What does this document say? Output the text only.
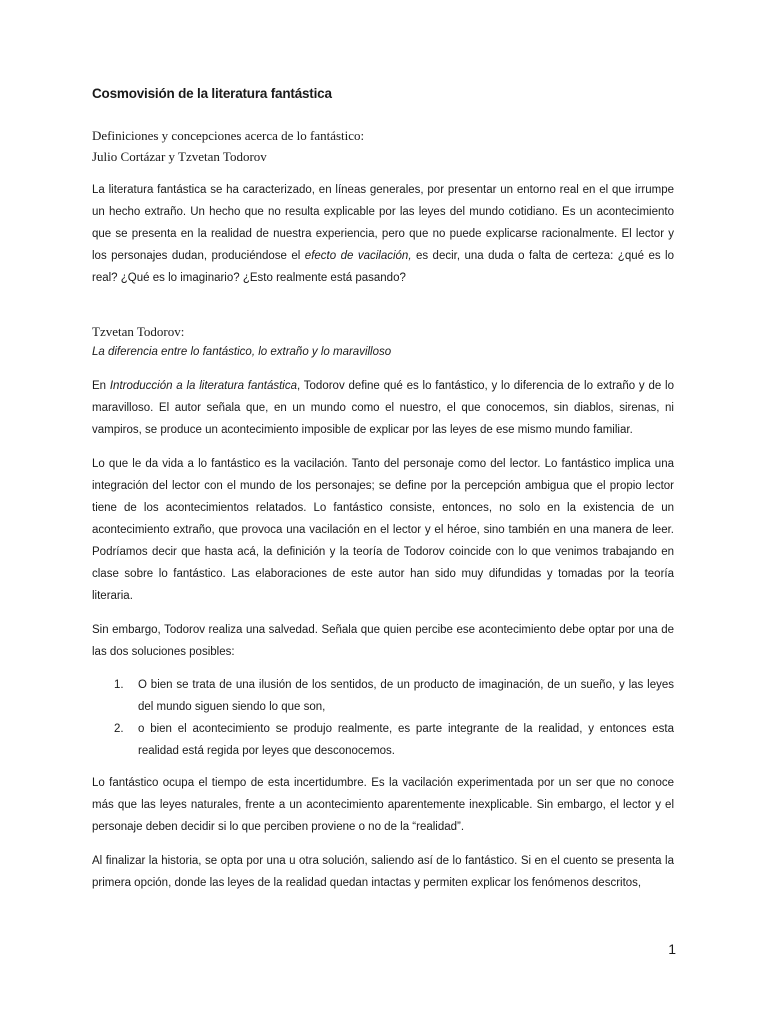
Cosmovisión de la literatura fantástica
Definiciones y concepciones acerca de lo fantástico:
Julio Cortázar y Tzvetan Todorov

La literatura fantástica se ha caracterizado, en líneas generales, por presentar un entorno real en el que irrumpe un hecho extraño. Un hecho que no resulta explicable por las leyes del mundo cotidiano. Es un acontecimiento que se presenta en la realidad de nuestra experiencia, pero que no puede explicarse racionalmente. El lector y los personajes dudan, produciéndose el efecto de vacilación, es decir, una duda o falta de certeza: ¿qué es lo real? ¿Qué es lo imaginario? ¿Esto realmente está pasando?

Tzvetan Todorov:
La diferencia entre lo fantástico, lo extraño y lo maravilloso

En Introducción a la literatura fantástica, Todorov define qué es lo fantástico, y lo diferencia de lo extraño y de lo maravilloso. El autor señala que, en un mundo como el nuestro, el que conocemos, sin diablos, sirenas, ni vampiros, se produce un acontecimiento imposible de explicar por las leyes de ese mismo mundo familiar.

Lo que le da vida a lo fantástico es la vacilación. Tanto del personaje como del lector. Lo fantástico implica una integración del lector con el mundo de los personajes; se define por la percepción ambigua que el propio lector tiene de los acontecimientos relatados. Lo fantástico consiste, entonces, no solo en la existencia de un acontecimiento extraño, que provoca una vacilación en el lector y el héroe, sino también en una manera de leer. Podríamos decir que hasta acá, la definición y la teoría de Todorov coincide con lo que venimos trabajando en clase sobre lo fantástico. Las elaboraciones de este autor han sido muy difundidas y tomadas por la teoría literaria.

Sin embargo, Todorov realiza una salvedad. Señala que quien percibe ese acontecimiento debe optar por una de las dos soluciones posibles:

1. O bien se trata de una ilusión de los sentidos, de un producto de imaginación, de un sueño, y las leyes del mundo siguen siendo lo que son,
2. o bien el acontecimiento se produjo realmente, es parte integrante de la realidad, y entonces esta realidad está regida por leyes que desconocemos.

Lo fantástico ocupa el tiempo de esta incertidumbre. Es la vacilación experimentada por un ser que no conoce más que las leyes naturales, frente a un acontecimiento aparentemente inexplicable. Sin embargo, el lector y el personaje deben decidir si lo que perciben proviene o no de la “realidad”.

Al finalizar la historia, se opta por una u otra solución, saliendo así de lo fantástico. Si en el cuento se presenta la primera opción, donde las leyes de la realidad quedan intactas y permiten explicar los fenómenos descritos,

1
